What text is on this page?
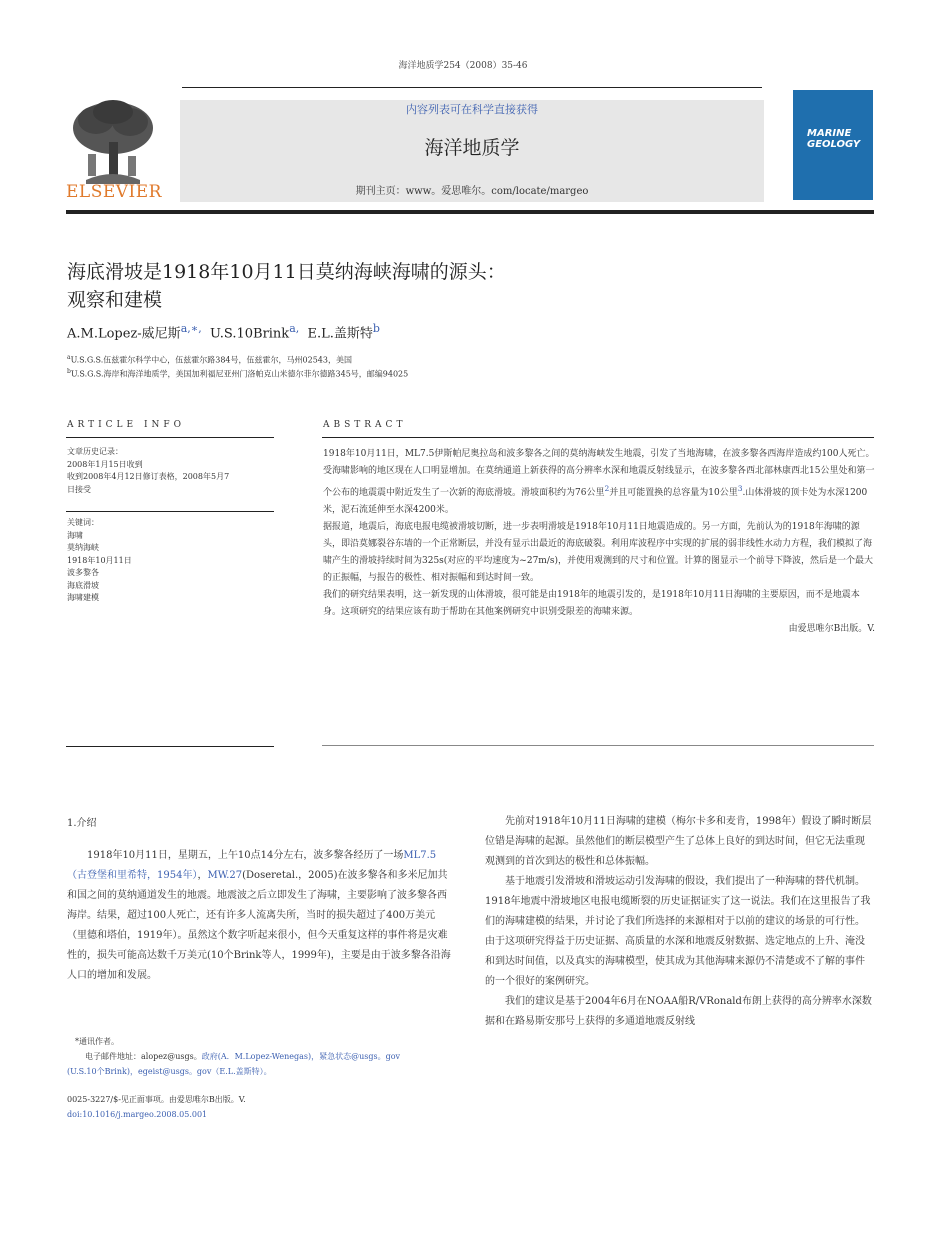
海洋地质学254（2008）35-46
ELSEVIER
内容列表可在科学直接获得
海洋地质学
期刊主页：www。爱思唯尔。com/locate/margeo
MARINE
GEOLOGY
海底滑坡是1918年10月11日莫纳海峡海啸的源头：
观察和建模
A.M.Lopez-威尼斯$^{a,∗,}$ U.S.10Brink$^{a,}$ E.L.盖斯特$^b$
$^a$U.S.G.S.伍兹霍尔科学中心，伍兹霍尔路384号，伍兹霍尔，马州02543，美国
$^b$U.S.G.S.海岸和海洋地质学，美国加利福尼亚州门洛帕克山米德尔菲尔德路345号，邮编94025
ARTICLE INFO
文章历史记录：
2008年1月15日收到
收到2008年4月12日修订表格，2008年5月7
日接受
关键词：
海啸
莫纳海峡
1918年10月11日
波多黎各
海底滑坡
海啸建模
ABSTRACT

1918年10月11日，ML7.5伊斯帕尼奥拉岛和波多黎各之间的莫纳海峡发生地震，引发了当地海啸，在波多黎各西海岸造成约100人死亡。受海啸影响的地区现在人口明显增加。在莫纳通道上新获得的高分辨率水深和地震反射线显示，在波多黎各西北部林康西北15公里处和第一个公布的地震震中附近发生了一次新的海底滑坡。滑坡面积约为76公里$^2$并且可能置换的总容量为10公里$^3$.山体滑坡的顶卡处为水深1200米，泥石流延伸至水深4200米。

据报道，地震后，海底电报电缆被滑坡切断，进一步表明滑坡是1918年10月11日地震造成的。另一方面，先前认为的1918年海啸的源头，即沿莫娜裂谷东墙的一个正常断层，并没有显示出最近的海底破裂。利用库波程序中实现的扩展的弱非线性水动力方程，我们模拟了海啸产生的滑坡持续时间为325s(对应的平均速度为~27m/s)，并使用观测到的尺寸和位置。计算的图显示一个前导下降波，然后是一个最大的正振幅，与报告的极性、相对振幅和到达时间一致。

我们的研究结果表明，这一新发现的山体滑坡，很可能是由1918年的地震引发的，是1918年10月11日海啸的主要原因，而不是地震本身。这项研究的结果应该有助于帮助在其他案例研究中识别受限差的海啸来源。

由爱思唯尔B出版。V.

1.介绍

1918年10月11日，星期五，上午10点14分左右，波多黎各经历了一场ML7.5（古登堡和里希特，1954年），MW.27(Doseretal.，2005)在波多黎各和多米尼加共和国之间的莫纳通道发生的地震。地震波之后立即发生了海啸，主要影响了波多黎各西海岸。结果，超过100人死亡，还有许多人流离失所，当时的损失超过了400万美元（里德和塔伯，1919年）。虽然这个数字听起来很小，但今天重复这样的事件将是灾难性的，损失可能高达数千万美元(10个Brink等人，1999年)，主要是由于波多黎各沿海人口的增加和发展。

先前对1918年10月11日海啸的建模（梅尔卡多和麦肯，1998年）假设了瞬时断层位错是海啸的起源。虽然他们的断层模型产生了总体上良好的到达时间，但它无法重现观测到的首次到达的极性和总体振幅。

基于地震引发滑坡和滑坡运动引发海啸的假设，我们提出了一种海啸的替代机制。1918年地震中滑坡地区电报电缆断裂的历史证据证实了这一说法。我们在这里报告了我们的海啸建模的结果，并讨论了我们所选择的来源相对于以前的建议的场景的可行性。由于这项研究得益于历史证据、高质量的水深和地震反射数据、选定地点的上升、淹没和到达时间值，以及真实的海啸模型，使其成为其他海啸来源仍不清楚或不了解的事件的一个很好的案例研究。

我们的建议是基于2004年6月在NOAA船R/VRonald布朗上获得的高分辨率水深数据和在路易斯安那号上获得的多通道地震反射线

*通讯作者。
电子邮件地址：alopez@usgs。政府(A．M.Lopez-Wenegas)，紧急状态@usgs。gov
(U.S.10个Brink)，egeist@usgs。gov（E.L.盖斯特）。
0025-3227/$-见正面事项。由爱思唯尔B出版。V.
doi:10.1016/j.margeo.2008.05.001
